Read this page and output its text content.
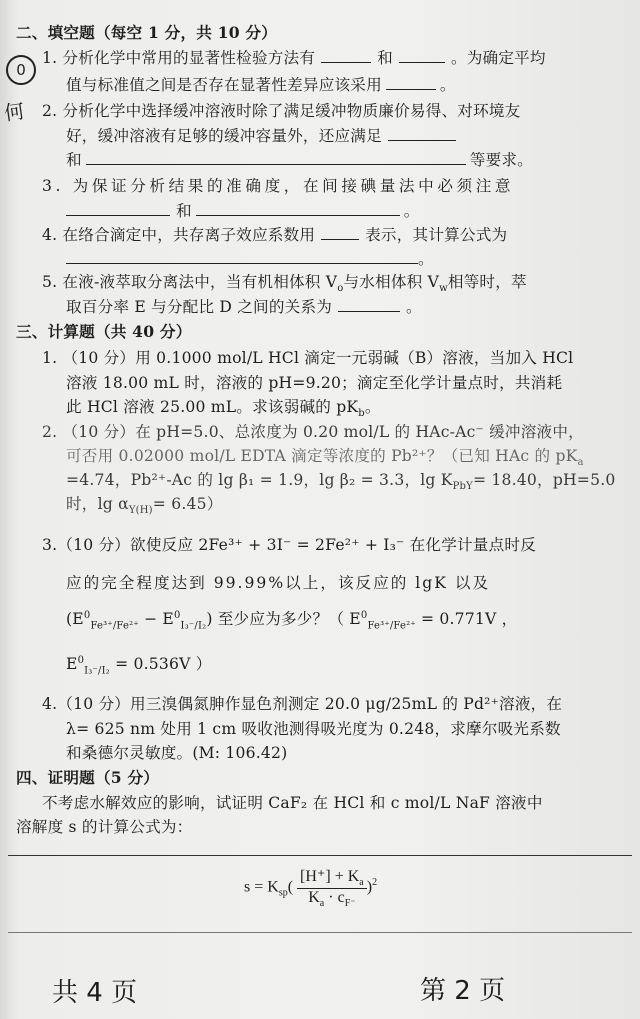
0
何
二、填空题（每空 1 分，共 10 分）
1. 分析化学中常用的显著性检验方法有	和	。为确定平均
值与标准值之间是否存在显著性差异应该采用	。
2. 分析化学中选择缓冲溶液时除了满足缓冲物质廉价易得、对环境友
好，缓冲溶液有足够的缓冲容量外，还应满足
和	等要求。
3. 为保证分析结果的准确度，在间接碘量法中必须注意
和	。
4. 在络合滴定中，共存离子效应系数用	表示，其计算公式为
。
5. 在液-液萃取分离法中，当有机相体积 $V_o$与水相体积 $V_w$相等时，萃
取百分率 E 与分配比 D 之间的关系为	。
三、计算题（共 40 分）
1. （10 分）用 0.1000 mol/L HCl 滴定一元弱碱（B）溶液，当加入 HCl
溶液 18.00 mL 时，溶液的 pH=9.20；滴定至化学计量点时，共消耗
此 HCl 溶液 25.00 mL。求该弱碱的 $pK_b$。
2. （10 分）在 pH=5.0、总浓度为 0.20 mol/L 的 HAc-Ac⁻ 缓冲溶液中，
可否用 0.02000 mol/L EDTA 滴定等浓度的 Pb²⁺？（已知 HAc 的 $pK_a$
=4.74，Pb²⁺-Ac 的 lg β₁ = 1.9，lg β₂ = 3.3，$\lg K_{PbY}= 18.40$，pH=5.0
时，$\lg \alpha_{Y(H)}= 6.45$）
3.（10 分）欲使反应 2Fe³⁺ + 3I⁻ = 2Fe²⁺ + I₃⁻ 在化学计量点时反
应的完全程度达到 99.99%以上，该反应的 lgK 以及
$(E^0_{Fe^{3+}/Fe^{2+}} - E^0_{I_3^-/I_2})$ 至少应为多少？（ $E^0_{Fe^{3+}/Fe^{2+}} = 0.771V$ ，
$E^0_{I_3^-/I_2} = 0.536V$ ）
4.（10 分）用三溴偶氮胂作显色剂测定 20.0 μg/25mL 的 Pd²⁺溶液，在
λ= 625 nm 处用 1 cm 吸收池测得吸光度为 0.248，求摩尔吸光系数
和桑德尔灵敏度。(M: 106.42)
四、证明题（5 分）
不考虑水解效应的影响，试证明 CaF₂ 在 HCl 和 c mol/L NaF 溶液中
溶解度 s 的计算公式为：
$s = K_{sp}( \frac{[H^+] + K_a}{K_a \cdot c_{F^-}} )^2$
共 4 页	第 2 页
